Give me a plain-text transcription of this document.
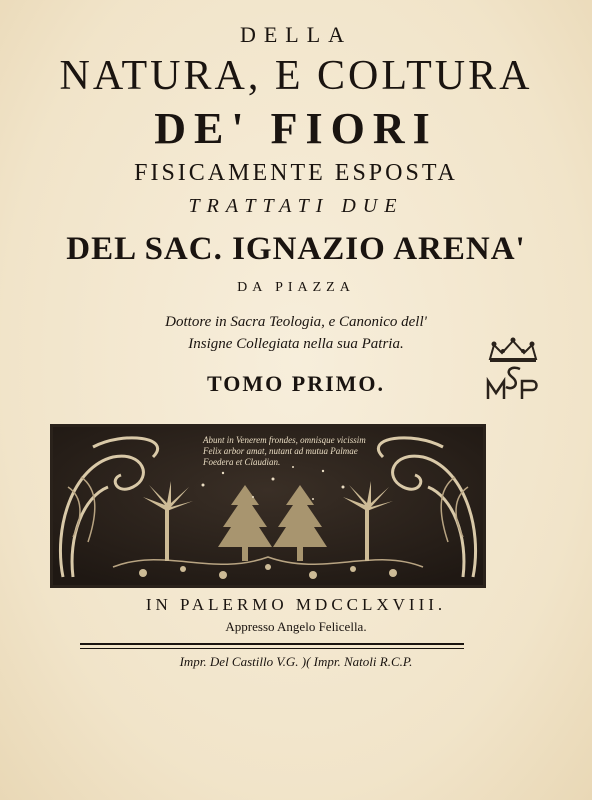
DELLA
NATURA, E COLTURA
DE' FIORI
FISICAMENTE ESPOSTA
TRATTATI DUE
DEL SAC. IGNAZIO ARENA'
DA PIAZZA
Dottore in Sacra Teologia, e Canonico dell'
Insigne Collegiata nella sua Patria.
TOMO PRIMO.
Abunt in Venerem frondes, omnisque vicissim
Felix arbor amat, nutant ad mutua Palmae
Foedera et Claudian.
IN PALERMO MDCCLXVIII.
Appresso Angelo Felicella.
Impr. Del Castillo V.G. )( Impr. Natoli R.C.P.
